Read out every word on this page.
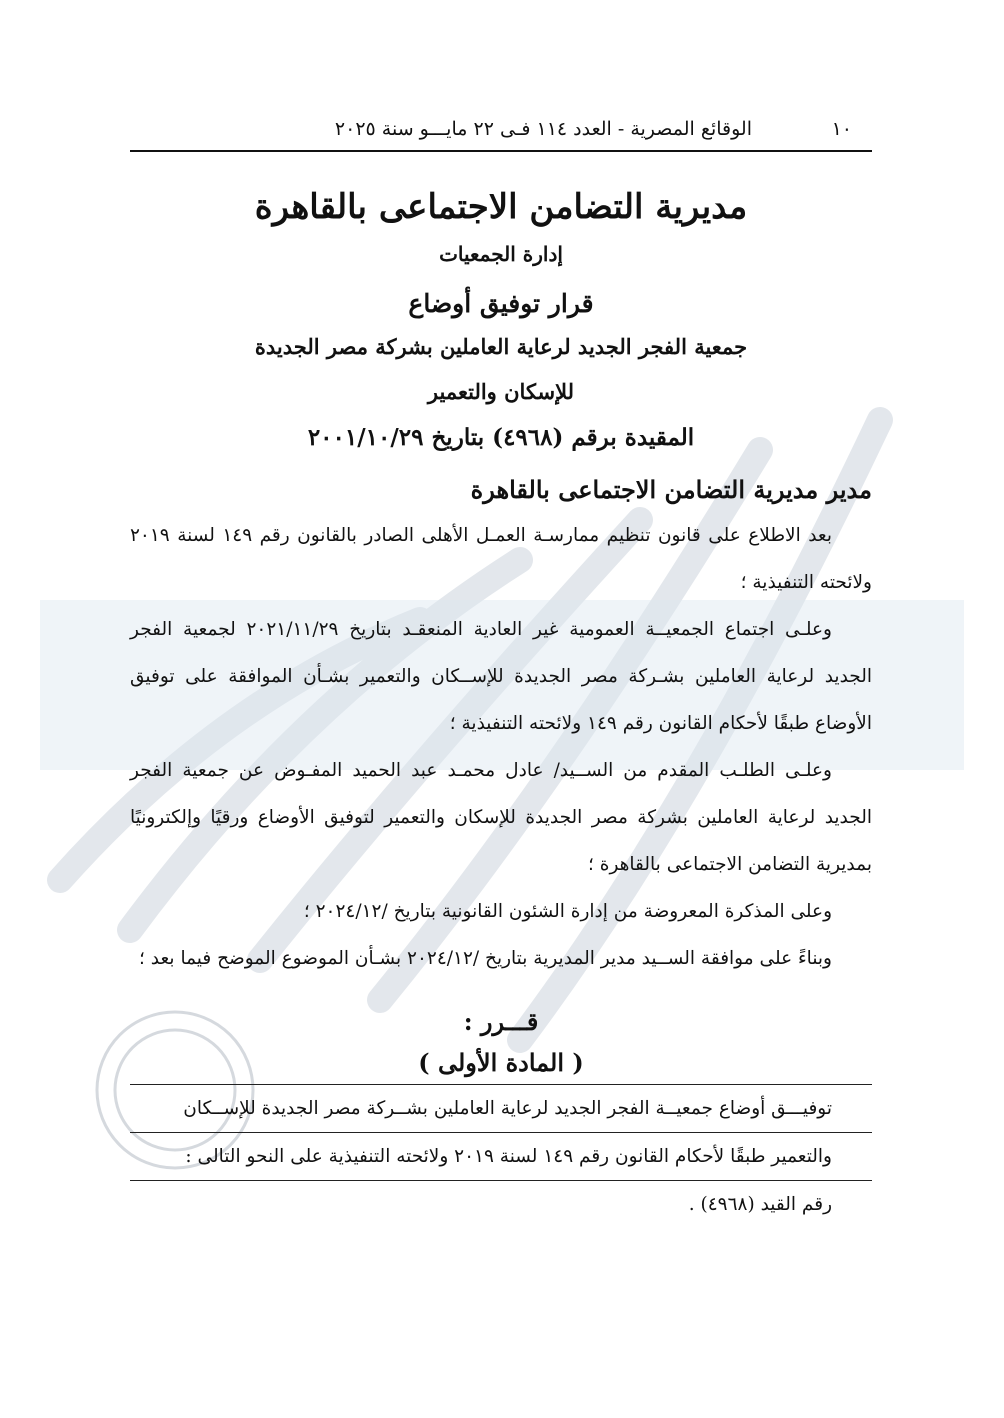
١٠
الوقائع المصرية - العدد ١١٤ فـى ٢٢ مايـــو سنة ٢٠٢٥
مديرية التضامن الاجتماعى بالقاهرة
إدارة الجمعيات
قرار توفيق أوضاع
جمعية الفجر الجديد لرعاية العاملين بشركة مصر الجديدة
للإسكان والتعمير
المقيدة برقم (٤٩٦٨) بتاريخ ٢٠٠١/١٠/٢٩
مدير مديرية التضامن الاجتماعى بالقاهرة

بعد الاطلاع على قانون تنظيم ممارسـة العمـل الأهلى الصادر بالقانون رقم ١٤٩ لسنة ٢٠١٩ ولائحته التنفيذية ؛

وعلـى اجتماع الجمعيــة العمومية غير العادية المنعقـد بتاريخ ٢٠٢١/١١/٢٩ لجمعية الفجر الجديد لرعاية العاملين بشـركة مصر الجديدة للإســكان والتعمير بشـأن الموافقة على توفيق الأوضاع طبقًا لأحكام القانون رقم ١٤٩ ولائحته التنفيذية ؛

وعلـى الطلـب المقدم من الســيد/ عادل محمـد عبد الحميد المفـوض عن جمعية الفجر الجديد لرعاية العاملين بشركة مصر الجديدة للإسكان والتعمير لتوفيق الأوضاع ورقيًا وإلكترونيًا بمديرية التضامن الاجتماعى بالقاهرة ؛

وعلى المذكرة المعروضة من إدارة الشئون القانونية بتاريخ /٢٠٢٤/١٢ ؛

وبناءً على موافقة الســيد مدير المديرية بتاريخ /٢٠٢٤/١٢ بشـأن الموضوع الموضح فيما بعد ؛

قـــرر :
( المادة الأولى )

توفيـــق أوضاع جمعيــة الفجر الجديد لرعاية العاملين بشــركة مصر الجديدة للإســكان

والتعمير طبقًا لأحكام القانون رقم ١٤٩ لسنة ٢٠١٩ ولائحته التنفيذية على النحو التالى :

رقم القيد (٤٩٦٨) .
